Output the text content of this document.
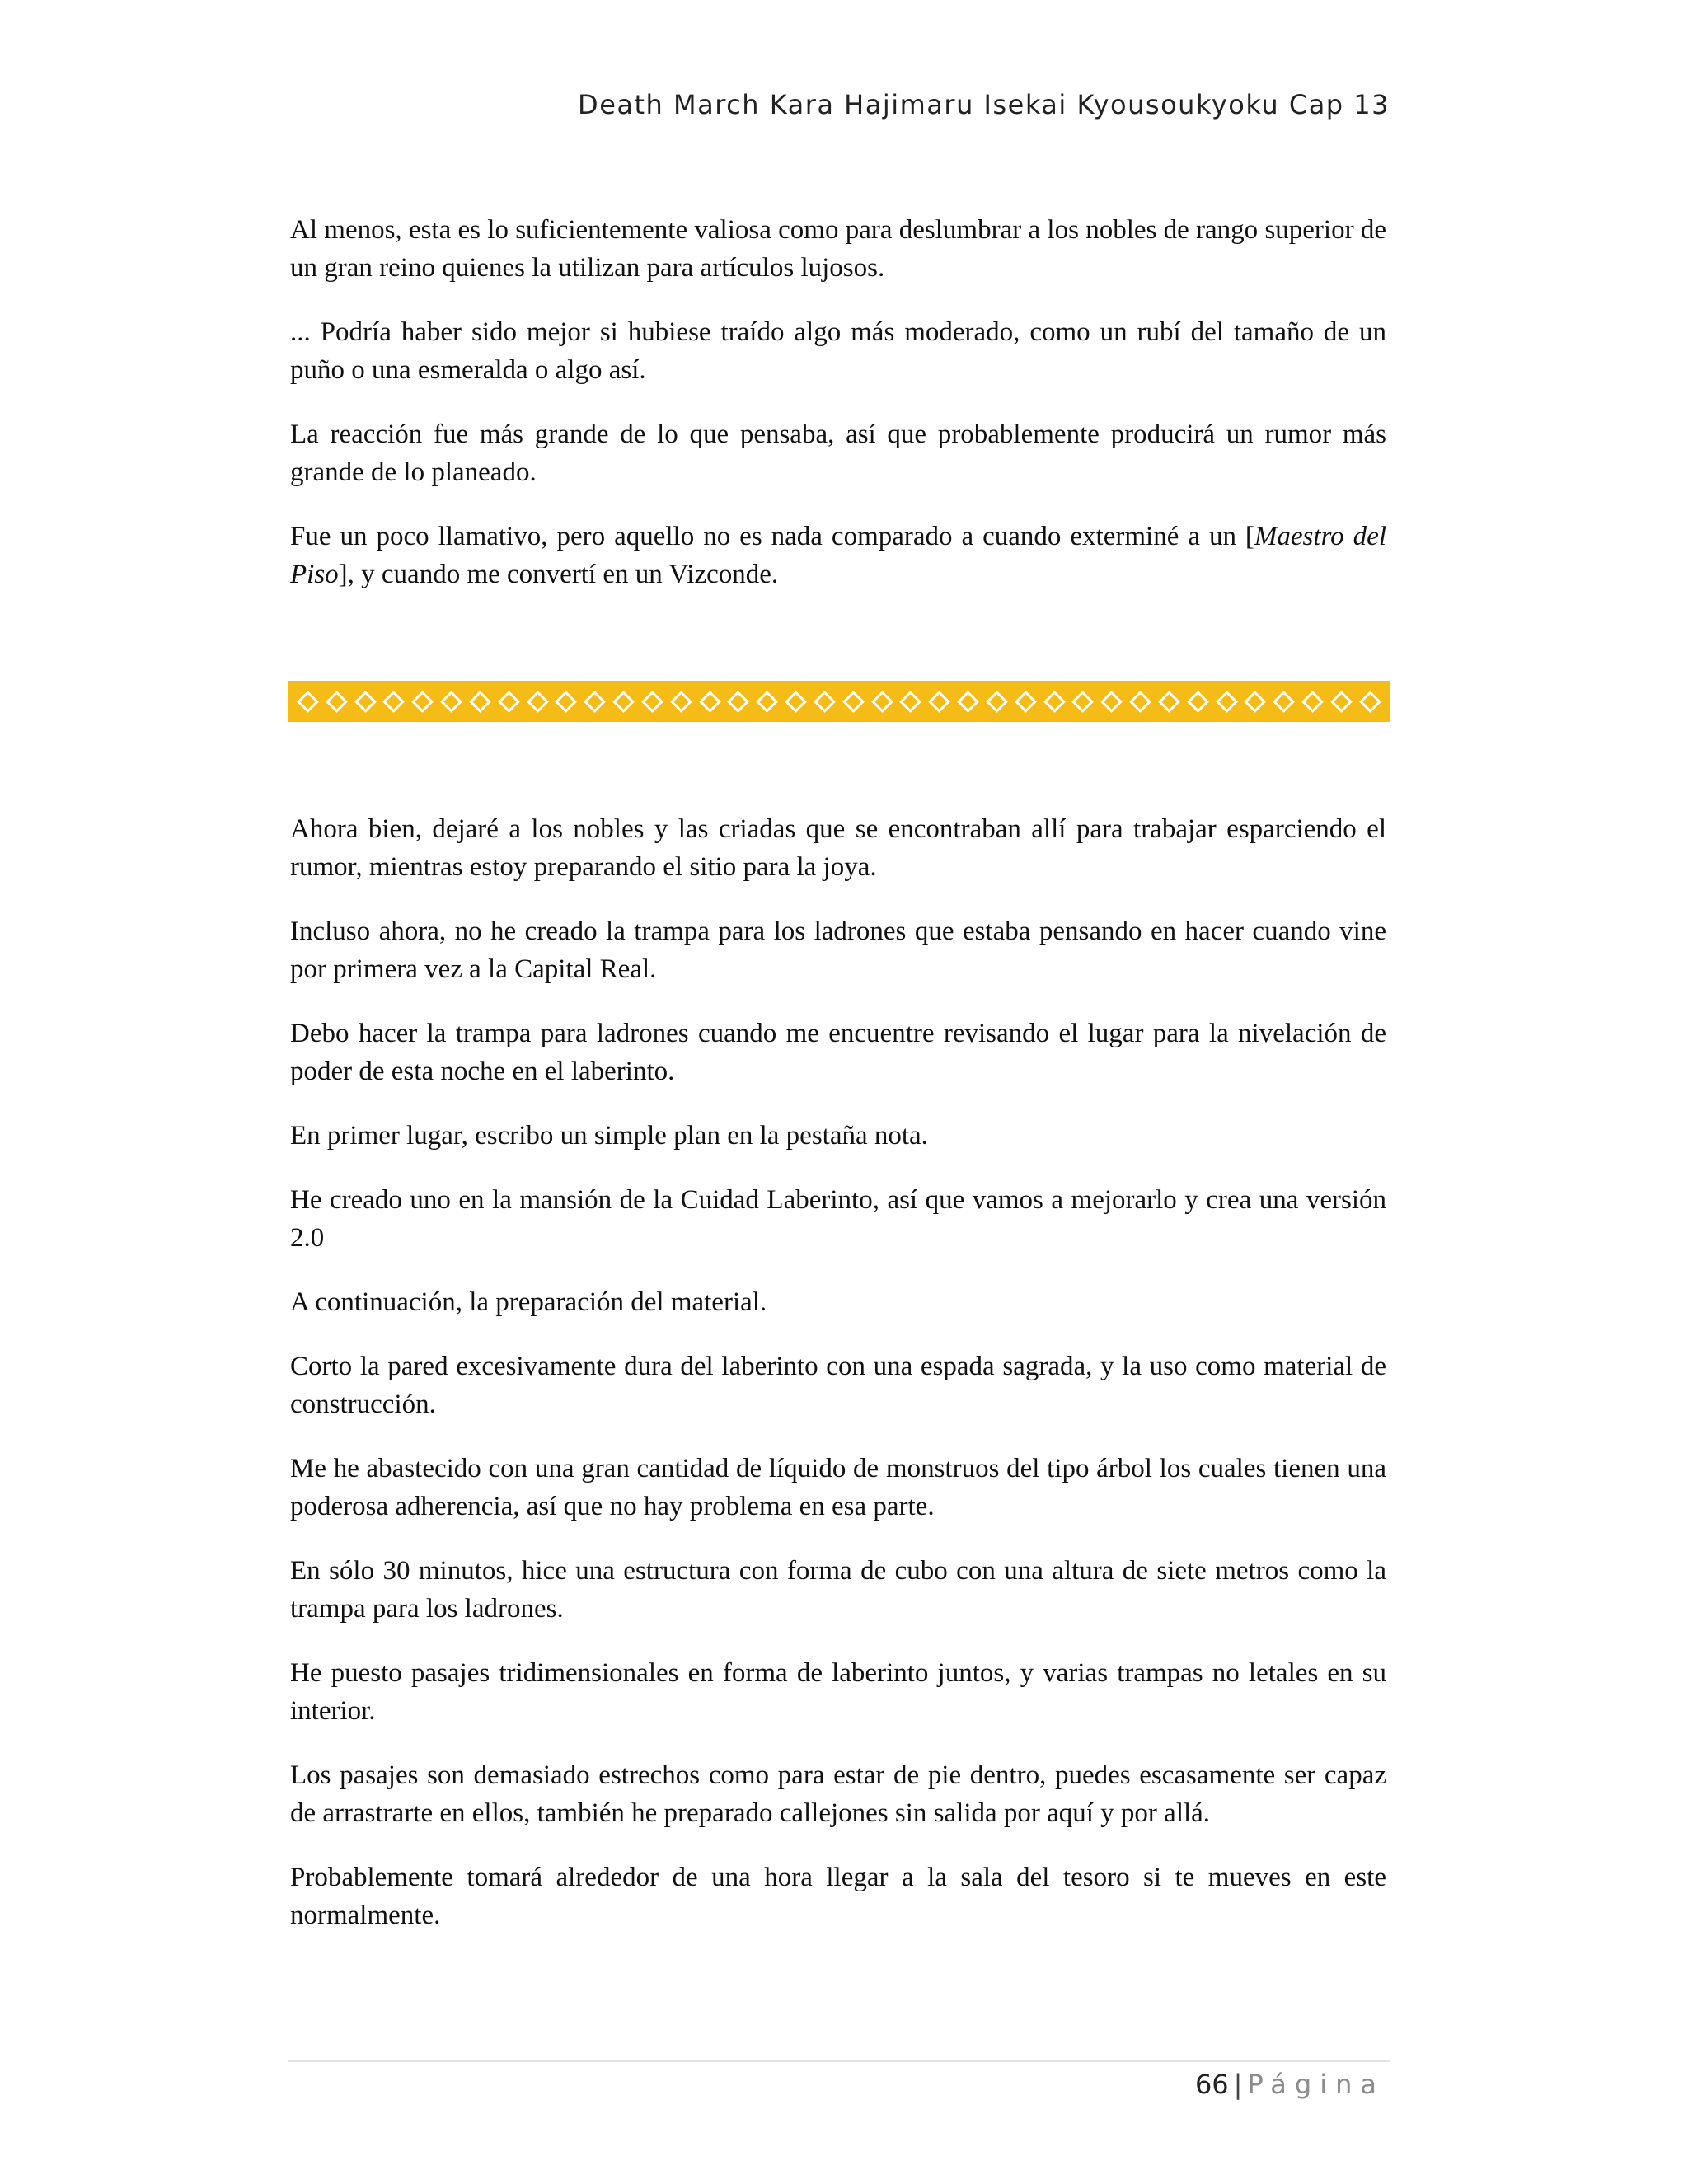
Death March Kara Hajimaru Isekai Kyousoukyoku Cap 13

Al menos, esta es lo suficientemente valiosa como para deslumbrar a los nobles de rango superior de un gran reino quienes la utilizan para artículos lujosos.

... Podría haber sido mejor si hubiese traído algo más moderado, como un rubí del tamaño de un puño o una esmeralda o algo así.

La reacción fue más grande de lo que pensaba, así que probablemente producirá un rumor más grande de lo planeado.

Fue un poco llamativo, pero aquello no es nada comparado a cuando exterminé a un [Maestro del Piso], y cuando me convertí en un Vizconde.

Ahora bien, dejaré a los nobles y las criadas que se encontraban allí para trabajar esparciendo el rumor, mientras estoy preparando el sitio para la joya.

Incluso ahora, no he creado la trampa para los ladrones que estaba pensando en hacer cuando vine por primera vez a la Capital Real.

Debo hacer la trampa para ladrones cuando me encuentre revisando el lugar para la nivelación de poder de esta noche en el laberinto.

En primer lugar, escribo un simple plan en la pestaña nota.

He creado uno en la mansión de la Cuidad Laberinto, así que vamos a mejorarlo y crea una versión 2.0

A continuación, la preparación del material.

Corto la pared excesivamente dura del laberinto con una espada sagrada, y la uso como material de construcción.

Me he abastecido con una gran cantidad de líquido de monstruos del tipo árbol los cuales tienen una poderosa adherencia, así que no hay problema en esa parte.

En sólo 30 minutos, hice una estructura con forma de cubo con una altura de siete metros como la trampa para los ladrones.

He puesto pasajes tridimensionales en forma de laberinto juntos, y varias trampas no letales en su interior.

Los pasajes son demasiado estrechos como para estar de pie dentro, puedes escasamente ser capaz de arrastrarte en ellos, también he preparado callejones sin salida por aquí y por allá.

Probablemente tomará alrededor de una hora llegar a la sala del tesoro si te mueves en este normalmente.

66 | Página
